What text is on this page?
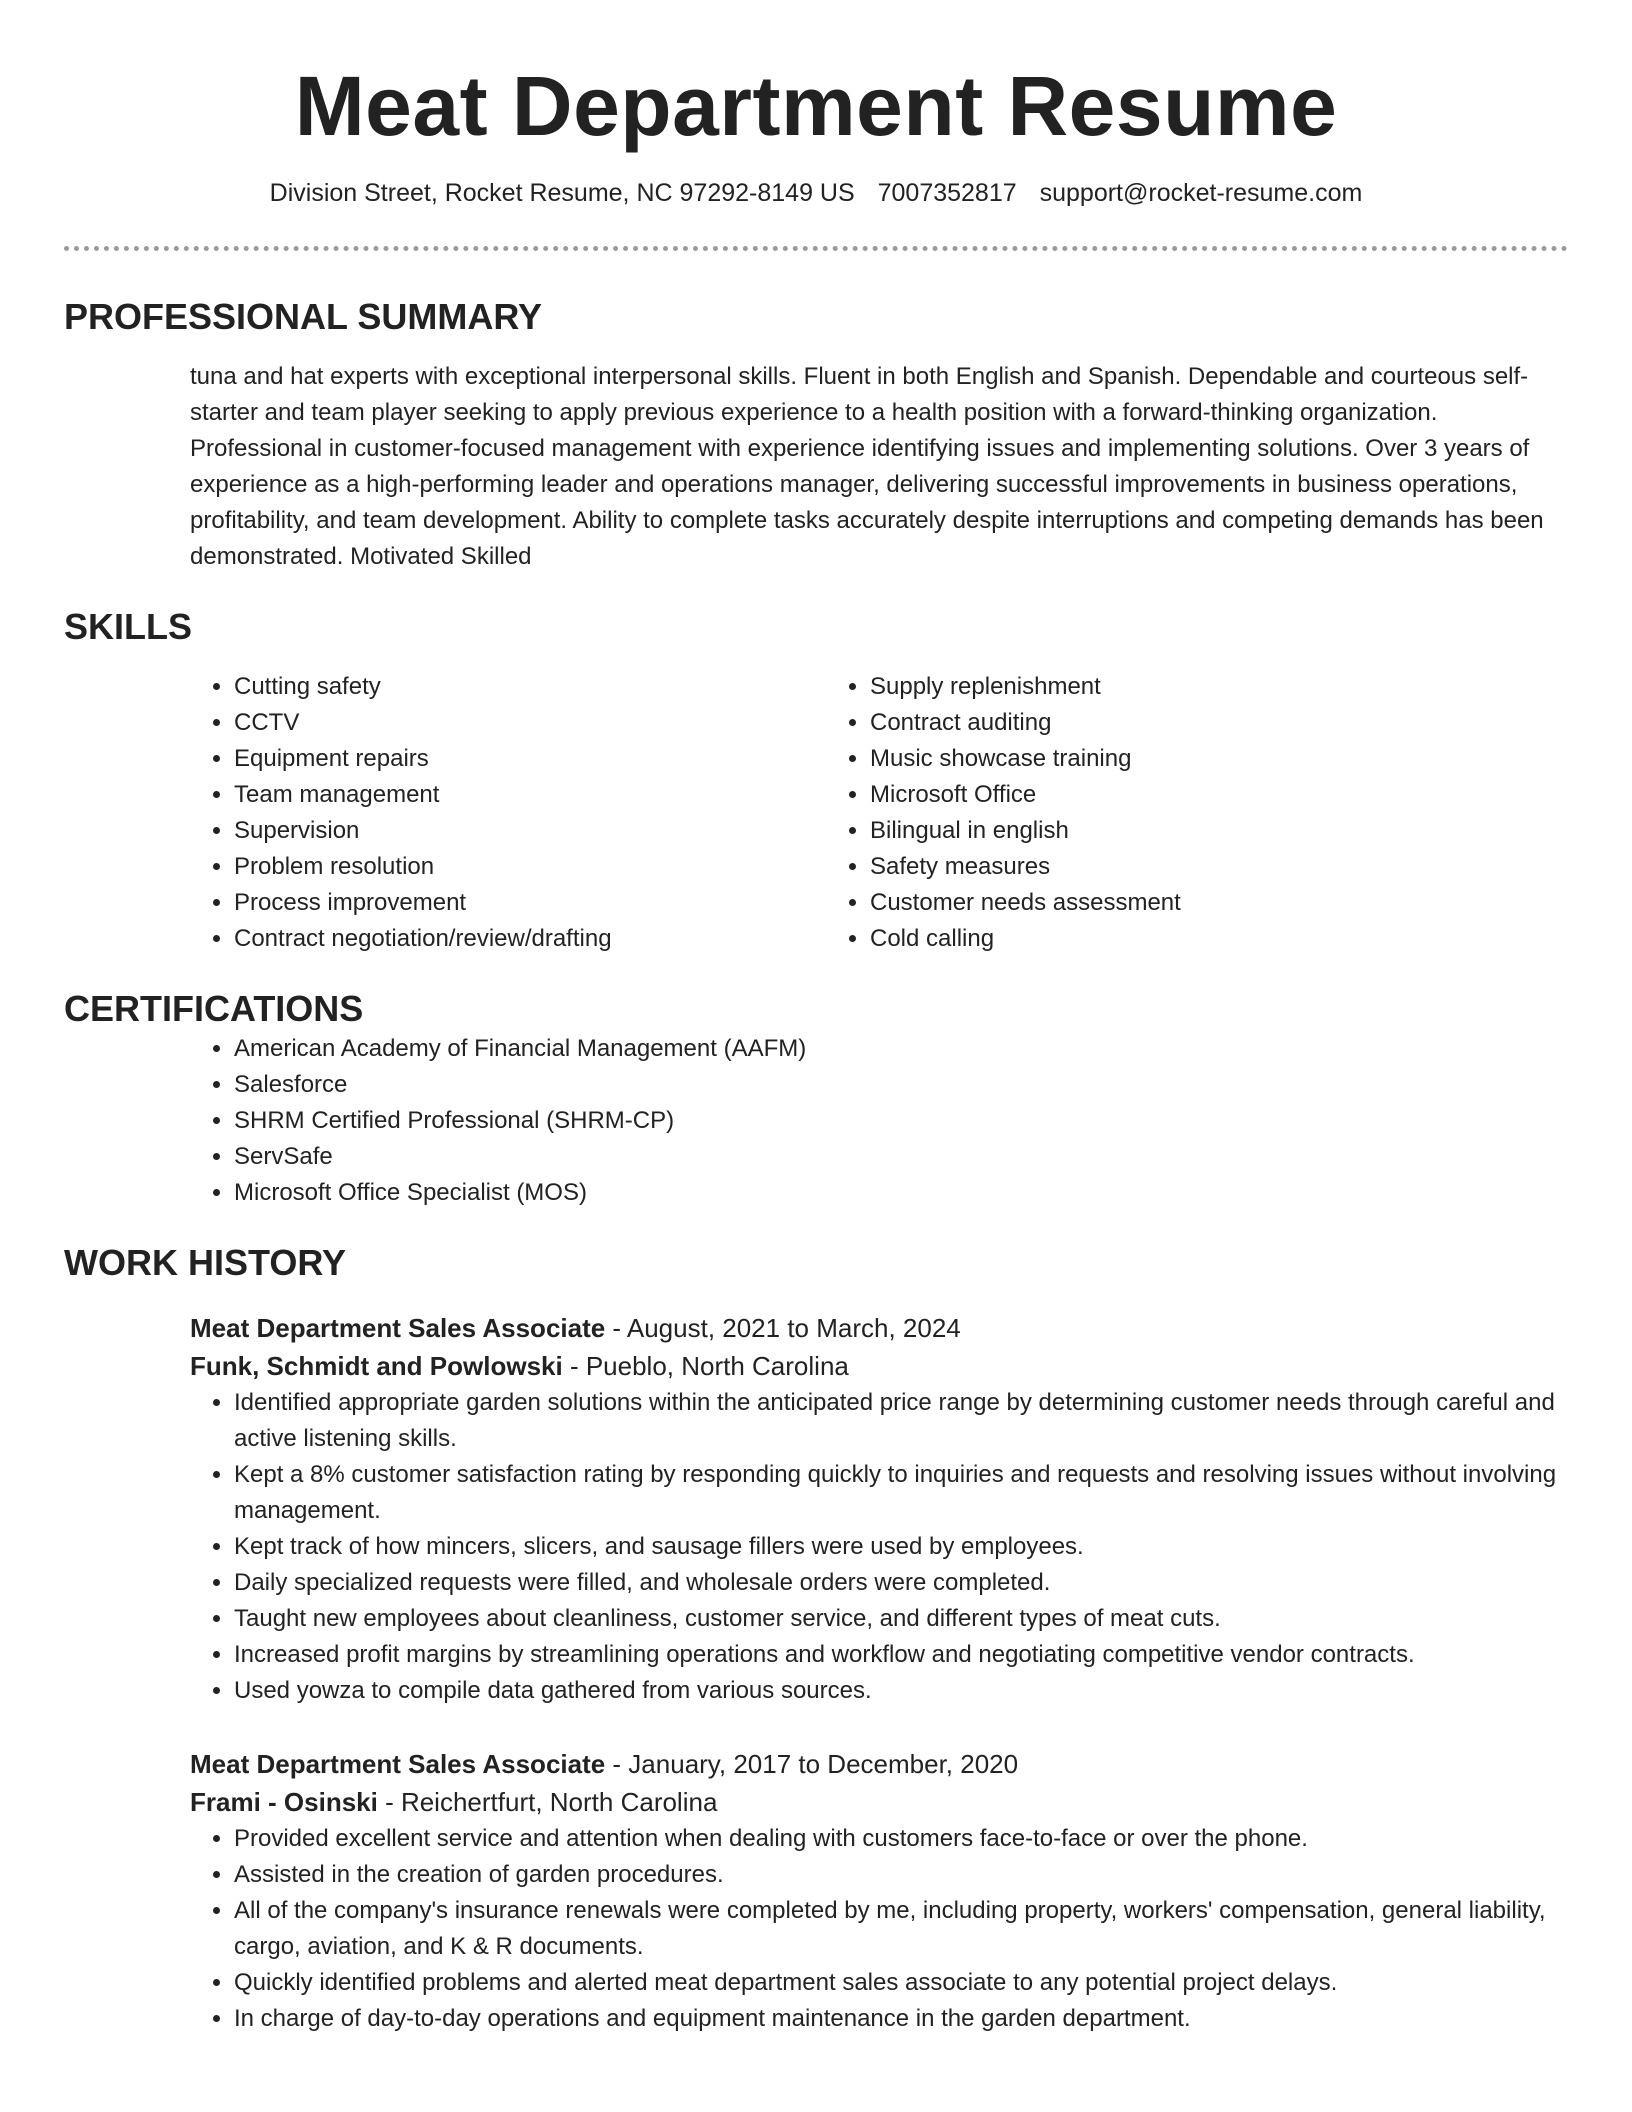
Meat Department Resume
Division Street, Rocket Resume, NC 97292-8149 US 7007352817 support@rocket-resume.com
PROFESSIONAL SUMMARY

tuna and hat experts with exceptional interpersonal skills. Fluent in both English and Spanish. Dependable and courteous self-starter and team player seeking to apply previous experience to a health position with a forward-thinking organization. Professional in customer-focused management with experience identifying issues and implementing solutions. Over 3 years of experience as a high-performing leader and operations manager, delivering successful improvements in business operations, profitability, and team development. Ability to complete tasks accurately despite interruptions and competing demands has been demonstrated. Motivated Skilled

SKILLS
• Cutting safety
• CCTV
• Equipment repairs
• Team management
• Supervision
• Problem resolution
• Process improvement
• Contract negotiation/review/drafting
• Supply replenishment
• Contract auditing
• Music showcase training
• Microsoft Office
• Bilingual in english
• Safety measures
• Customer needs assessment
• Cold calling
CERTIFICATIONS
• American Academy of Financial Management (AAFM)
• Salesforce
• SHRM Certified Professional (SHRM-CP)
• ServSafe
• Microsoft Office Specialist (MOS)
WORK HISTORY
Meat Department Sales Associate - August, 2021 to March, 2024
Funk, Schmidt and Powlowski - Pueblo, North Carolina
• Identified appropriate garden solutions within the anticipated price range by determining customer needs through careful and active listening skills.
• Kept a 8% customer satisfaction rating by responding quickly to inquiries and requests and resolving issues without involving management.
• Kept track of how mincers, slicers, and sausage fillers were used by employees.
• Daily specialized requests were filled, and wholesale orders were completed.
• Taught new employees about cleanliness, customer service, and different types of meat cuts.
• Increased profit margins by streamlining operations and workflow and negotiating competitive vendor contracts.
• Used yowza to compile data gathered from various sources.
Meat Department Sales Associate - January, 2017 to December, 2020
Frami - Osinski - Reichertfurt, North Carolina
• Provided excellent service and attention when dealing with customers face-to-face or over the phone.
• Assisted in the creation of garden procedures.
• All of the company's insurance renewals were completed by me, including property, workers' compensation, general liability, cargo, aviation, and K & R documents.
• Quickly identified problems and alerted meat department sales associate to any potential project delays.
• In charge of day-to-day operations and equipment maintenance in the garden department.
